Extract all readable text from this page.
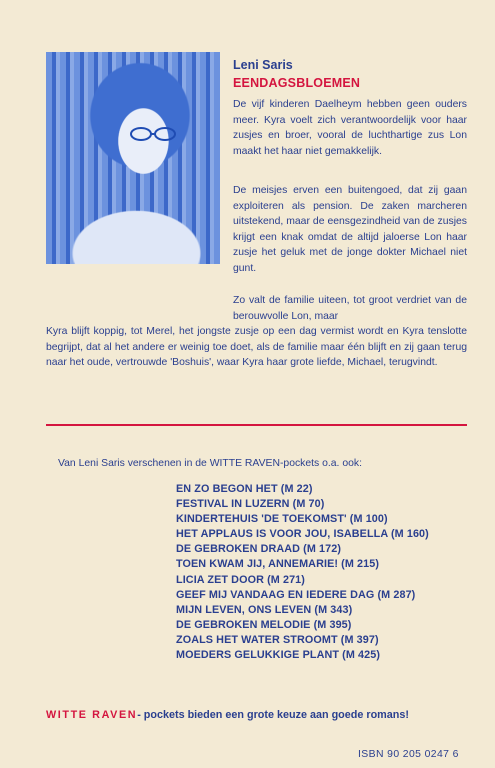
Leni Saris
EENDAGSBLOEMEN

De vijf kinderen Daelheym hebben geen ouders meer. Kyra voelt zich verantwoordelijk voor haar zusjes en broer, vooral de luchthartige zus Lon maakt het haar niet gemakkelijk.

De meisjes erven een buitengoed, dat zij gaan exploiteren als pension. De zaken marcheren uitstekend, maar de eensgezindheid van de zusjes krijgt een knak omdat de altijd jaloerse Lon haar zusje het geluk met de jonge dokter Michael niet gunt.

Zo valt de familie uiteen, tot groot verdriet van de berouwvolle Lon, maar

Kyra blijft koppig, tot Merel, het jongste zusje op een dag vermist wordt en Kyra tenslotte begrijpt, dat al het andere er weinig toe doet, als de familie maar één blijft en zij gaan terug naar het oude, vertrouwde 'Boshuis', waar Kyra haar grote liefde, Michael, terugvindt.

Van Leni Saris verschenen in de WITTE RAVEN-pockets o.a. ook:
EN ZO BEGON HET (M 22)
FESTIVAL IN LUZERN (M 70)
KINDERTEHUIS 'DE TOEKOMST' (M 100)
HET APPLAUS IS VOOR JOU, ISABELLA (M 160)
DE GEBROKEN DRAAD (M 172)
TOEN KWAM JIJ, ANNEMARIE! (M 215)
LICIA ZET DOOR (M 271)
GEEF MIJ VANDAAG EN IEDERE DAG (M 287)
MIJN LEVEN, ONS LEVEN (M 343)
DE GEBROKEN MELODIE (M 395)
ZOALS HET WATER STROOMT (M 397)
MOEDERS GELUKKIGE PLANT (M 425)
WITTE RAVEN- pockets bieden een grote keuze aan goede romans!
ISBN 90 205 0247 6
